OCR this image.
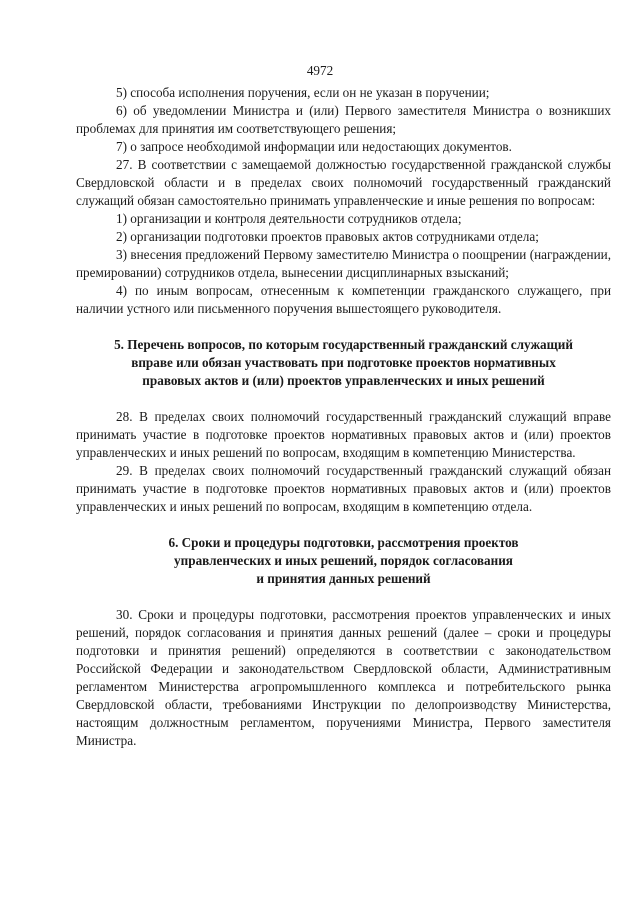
4972

5) способа исполнения поручения, если он не указан в поручении;

6) об уведомлении Министра и (или) Первого заместителя Министра о возникших проблемах для принятия им соответствующего решения;

7) о запросе необходимой информации или недостающих документов.

27. В соответствии с замещаемой должностью государственной гражданской службы Свердловской области и в пределах своих полномочий государственный гражданский служащий обязан самостоятельно принимать управленческие и иные решения по вопросам:

1) организации и контроля деятельности сотрудников отдела;

2) организации подготовки проектов правовых актов сотрудниками отдела;

3) внесения предложений Первому заместителю Министра о поощрении (награждении, премировании) сотрудников отдела, вынесении дисциплинарных взысканий;

4) по иным вопросам, отнесенным к компетенции гражданского служащего, при наличии устного или письменного поручения вышестоящего руководителя.

5. Перечень вопросов, по которым государственный гражданский служащий
вправе или обязан участвовать при подготовке проектов нормативных
правовых актов и (или) проектов управленческих и иных решений

28. В пределах своих полномочий государственный гражданский служащий вправе принимать участие в подготовке проектов нормативных правовых актов и (или) проектов управленческих и иных решений по вопросам, входящим в компетенцию Министерства.

29. В пределах своих полномочий государственный гражданский служащий обязан принимать участие в подготовке проектов нормативных правовых актов и (или) проектов управленческих и иных решений по вопросам, входящим в компетенцию отдела.

6. Сроки и процедуры подготовки, рассмотрения проектов
управленческих и иных решений, порядок согласования
и принятия данных решений

30. Сроки и процедуры подготовки, рассмотрения проектов управленческих и иных решений, порядок согласования и принятия данных решений (далее – сроки и процедуры подготовки и принятия решений) определяются в соответствии с законодательством Российской Федерации и законодательством Свердловской области, Административным регламентом Министерства агропромышленного комплекса и потребительского рынка Свердловской области, требованиями Инструкции по делопроизводству Министерства, настоящим должностным регламентом, поручениями Министра, Первого заместителя Министра.
